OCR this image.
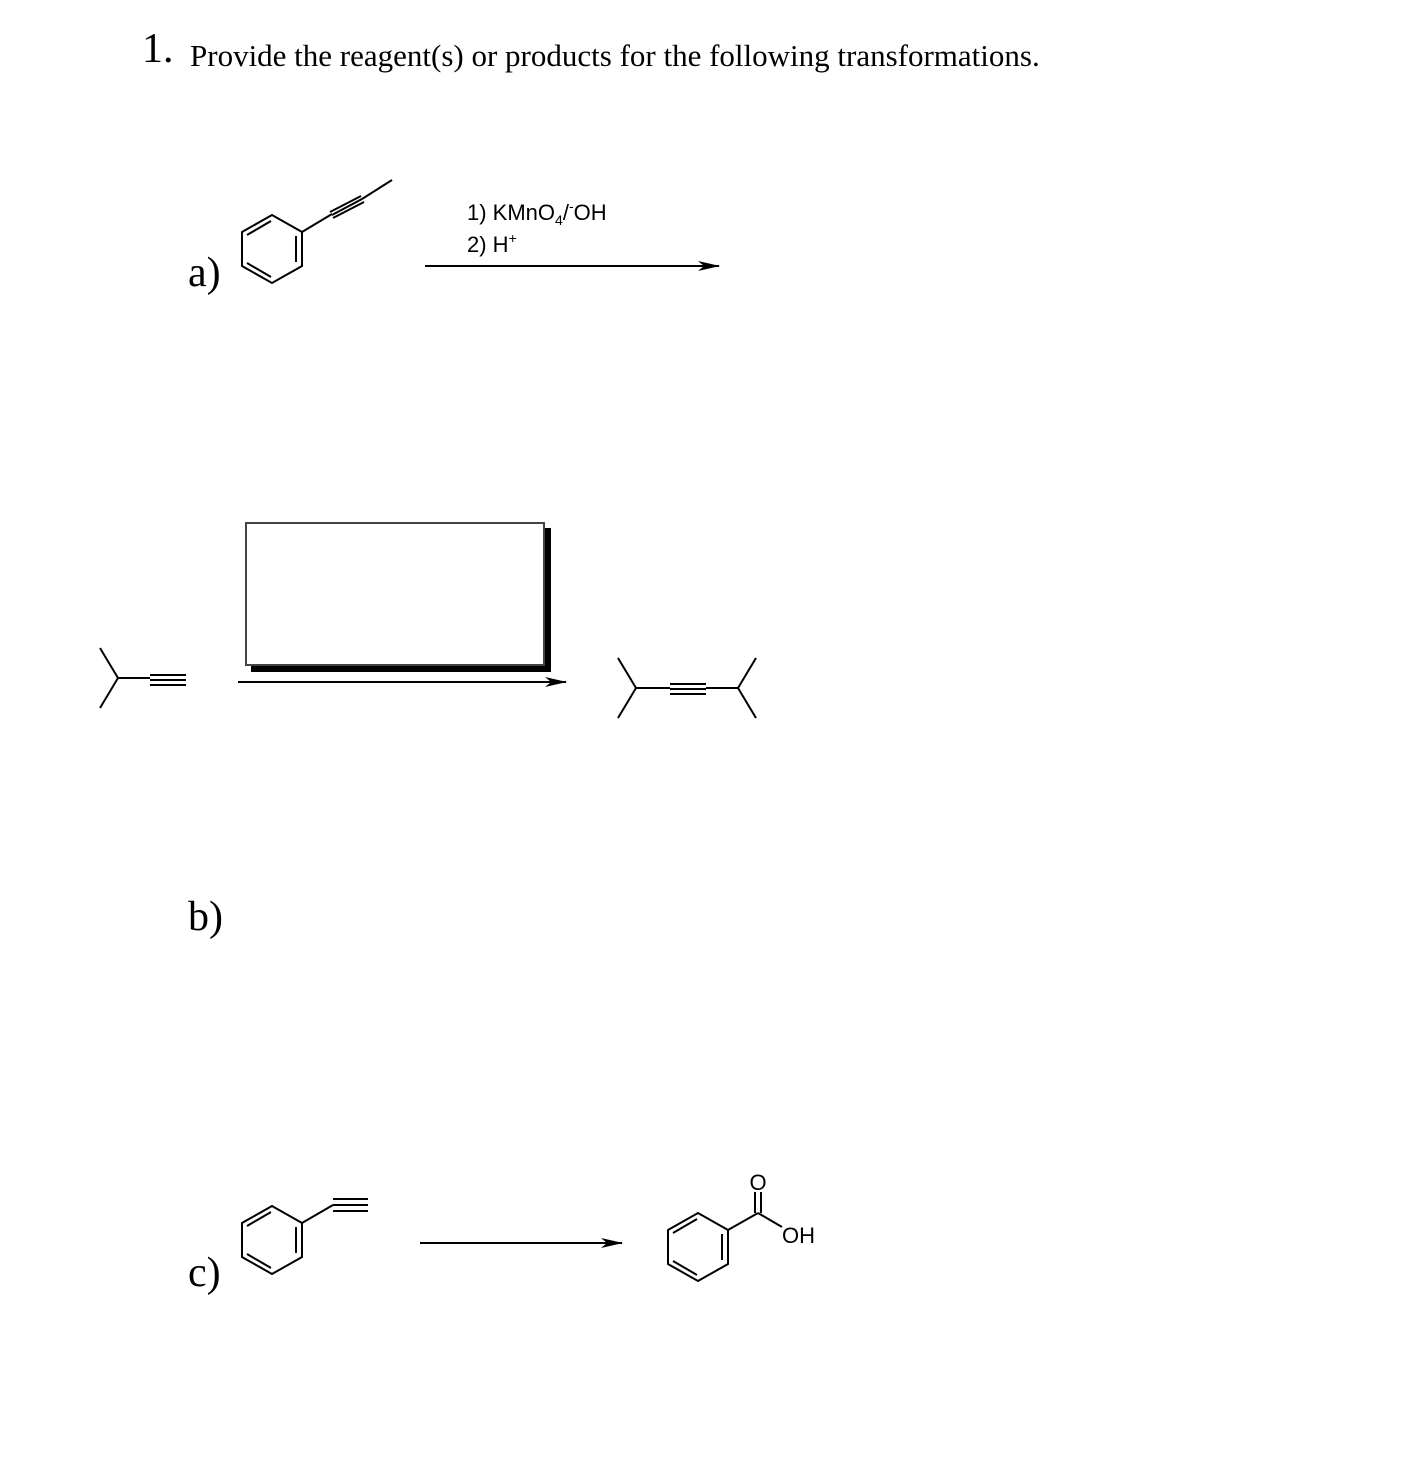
1. Provide the reagent(s) or products for the following transformations.
a)
b)
c)
1) KMnO$_4$/-OH
2) H+
O
OH
